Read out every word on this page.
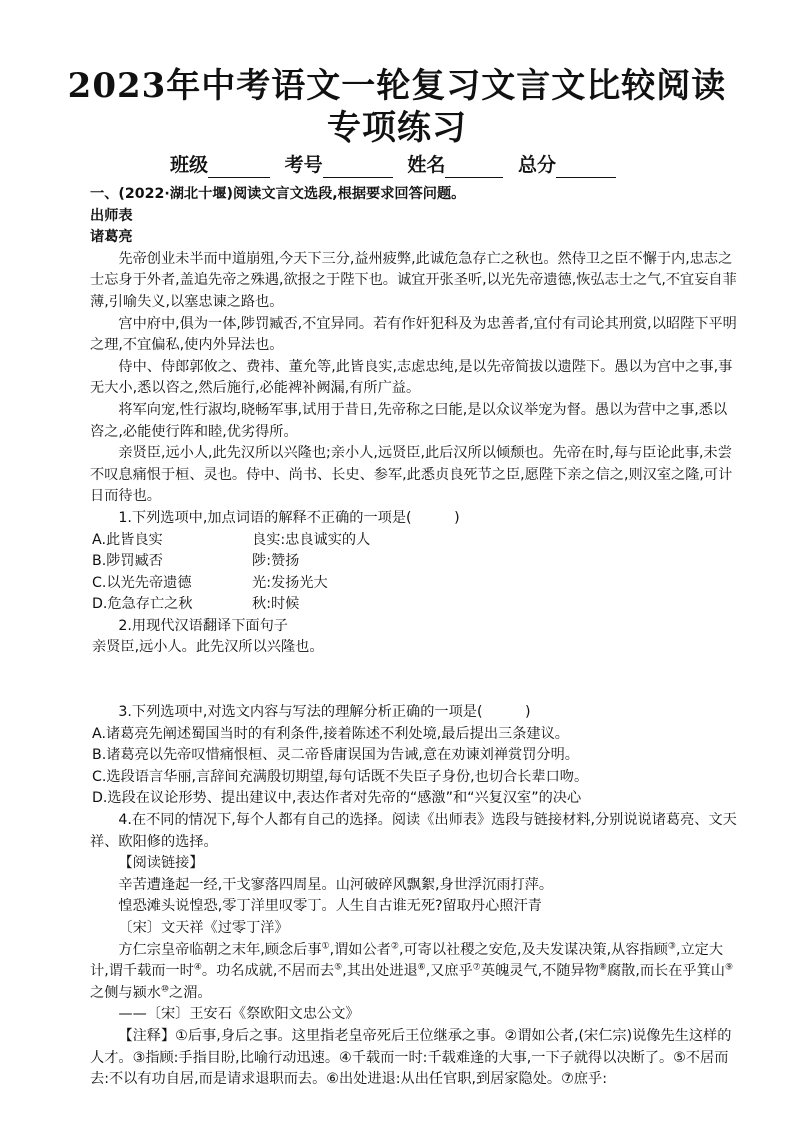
2023年中考语文一轮复习文言文比较阅读
专项练习
班级	考号	姓名	总分

一、(2022·湖北十堰)阅读文言文选段,根据要求回答问题。

出师表

诸葛亮

先帝创业未半而中道崩殂,今天下三分,益州疲弊,此诚危急存亡之秋也。然侍卫之臣不懈于内,忠志之士忘身于外者,盖追先帝之殊遇,欲报之于陛下也。诚宜开张圣听,以光先帝遗德,恢弘志士之气,不宜妄自菲薄,引喻失义,以塞忠谏之路也。

宫中府中,俱为一体,陟罚臧否,不宜异同。若有作奸犯科及为忠善者,宜付有司论其刑赏,以昭陛下平明之理,不宜偏私,使内外异法也。

侍中、侍郎郭攸之、费祎、董允等,此皆良实,志虑忠纯,是以先帝简拔以遗陛下。愚以为宫中之事,事无大小,悉以咨之,然后施行,必能裨补阙漏,有所广益。

将军向宠,性行淑均,晓畅军事,试用于昔日,先帝称之曰能,是以众议举宠为督。愚以为营中之事,悉以咨之,必能使行阵和睦,优劣得所。

亲贤臣,远小人,此先汉所以兴隆也;亲小人,远贤臣,此后汉所以倾颓也。先帝在时,每与臣论此事,未尝不叹息痛恨于桓、灵也。侍中、尚书、长史、参军,此悉贞良死节之臣,愿陛下亲之信之,则汉室之隆,可计日而待也。

1.下列选项中,加点词语的解释不正确的一项是(　　　)

A.此皆良实	良实:忠良诚实的人
B.陟罚臧否	陟:赞扬
C.以光先帝遗德	光:发扬光大
D.危急存亡之秋	秋:时候

2.用现代汉语翻译下面句子

亲贤臣,远小人。此先汉所以兴隆也。

3.下列选项中,对选文内容与写法的理解分析正确的一项是(　　　)

A.诸葛亮先阐述蜀国当时的有利条件,接着陈述不利处境,最后提出三条建议。

B.诸葛亮以先帝叹惜痛恨桓、灵二帝昏庸误国为告诫,意在劝谏刘禅赏罚分明。

C.选段语言华丽,言辞间充满殷切期望,每句话既不失臣子身份,也切合长辈口吻。

D.选段在议论形势、提出建议中,表达作者对先帝的“感激”和“兴复汉室”的决心

4.在不同的情况下,每个人都有自己的选择。阅读《出师表》选段与链接材料,分别说说诸葛亮、文天祥、欧阳修的选择。

【阅读链接】

辛苦遭逢起一经,干戈寥落四周星。山河破碎风飘絮,身世浮沉雨打萍。

惶恐滩头说惶恐,零丁洋里叹零丁。人生自古谁无死?留取丹心照汗青

〔宋〕文天祥《过零丁洋》

方仁宗皇帝临朝之末年,顾念后事①,谓如公者②,可寄以社稷之安危,及夫发谋决策,从容指顾③,立定大计,谓千载而一时④。功名成就,不居而去⑤,其出处进退⑥,又庶乎⑦英魄灵气,不随异物⑧腐散,而长在乎箕山⑨之侧与颍水⑩之湄。

——〔宋〕王安石《祭欧阳文忠公文》

【注释】①后事,身后之事。这里指老皇帝死后王位继承之事。②谓如公者,(宋仁宗)说像先生这样的人才。③指顾:手指目盼,比喻行动迅速。④千载而一时:千载难逢的大事,一下子就得以决断了。⑤不居而去:不以有功自居,而是请求退职而去。⑥出处进退:从出任官职,到居家隐处。⑦庶乎:
